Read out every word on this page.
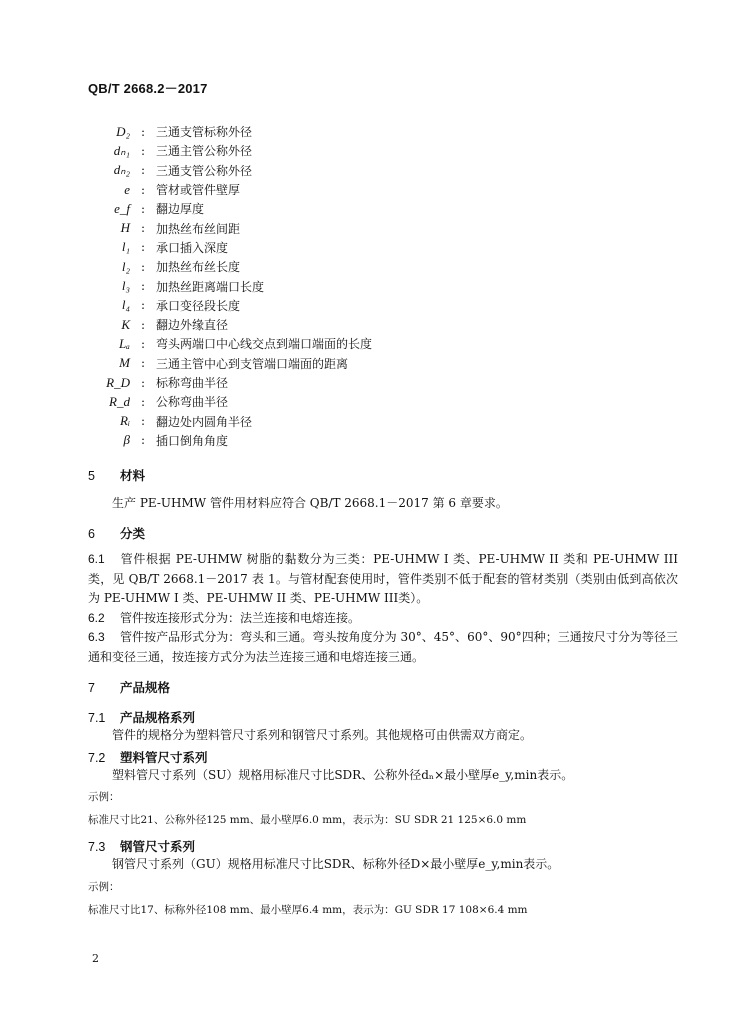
QB/T 2668.2－2017
D₂ : 三通支管标称外径
dₙ₁ : 三通主管公称外径
dₙ₂ : 三通支管公称外径
e : 管材或管件壁厚
e_f : 翻边厚度
H : 加热丝布丝间距
l₁ : 承口插入深度
l₂ : 加热丝布丝长度
l₃ : 加热丝距离端口长度
l₄ : 承口变径段长度
K : 翻边外缘直径
Lₐ : 弯头两端口中心线交点到端口端面的长度
M : 三通主管中心到支管端口端面的距离
R_D : 标称弯曲半径
R_d : 公称弯曲半径
Rᵢ : 翻边处内圆角半径
β : 插口倒角角度
5 材料
生产 PE-UHMW 管件用材料应符合 QB/T 2668.1－2017 第 6 章要求。
6 分类
6.1 管件根据 PE-UHMW 树脂的黏数分为三类：PE-UHMW I 类、PE-UHMW II 类和 PE-UHMW III类，见 QB/T 2668.1－2017 表 1。与管材配套使用时，管件类别不低于配套的管材类别（类别由低到高依次为 PE-UHMW I 类、PE-UHMW II 类、PE-UHMW III类）。
6.2 管件按连接形式分为：法兰连接和电熔连接。
6.3 管件按产品形式分为：弯头和三通。弯头按角度分为 30°、45°、60°、90°四种；三通按尺寸分为等径三通和变径三通，按连接方式分为法兰连接三通和电熔连接三通。
7 产品规格
7.1 产品规格系列
管件的规格分为塑料管尺寸系列和钢管尺寸系列。其他规格可由供需双方商定。
7.2 塑料管尺寸系列
塑料管尺寸系列（SU）规格用标准尺寸比SDR、公称外径dₙ×最小壁厚e_y,min表示。
示例：
标准尺寸比21、公称外径125 mm、最小壁厚6.0 mm，表示为：SU SDR 21 125×6.0 mm
7.3 钢管尺寸系列
钢管尺寸系列（GU）规格用标准尺寸比SDR、标称外径D×最小壁厚e_y,min表示。
示例：
标准尺寸比17、标称外径108 mm、最小壁厚6.4 mm，表示为：GU SDR 17 108×6.4 mm
2
